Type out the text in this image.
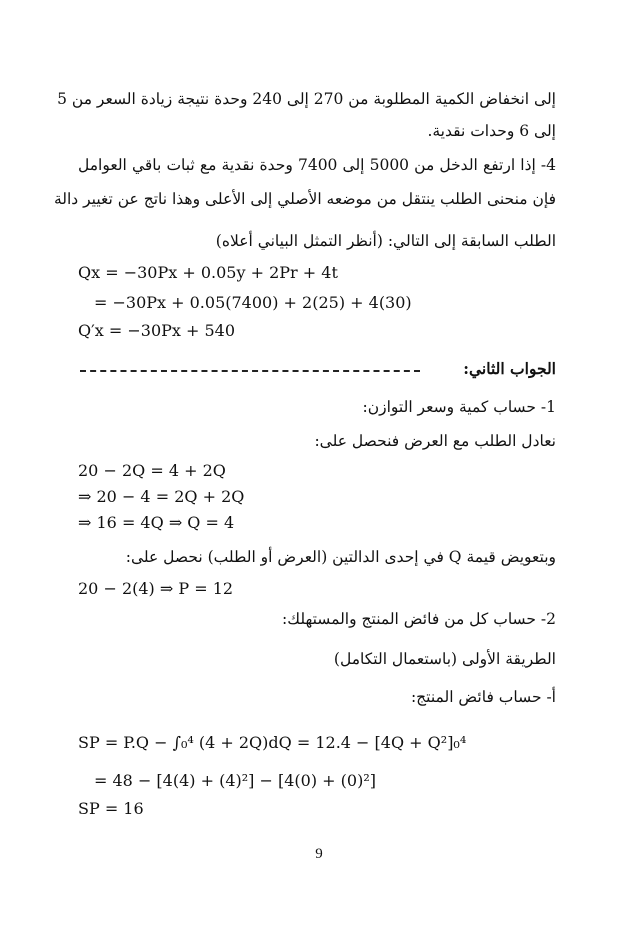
إلى انخفاض الكمية المطلوبة من 270 إلى 240 وحدة نتيجة زيادة السعر من 5
إلى 6 وحدات نقدية.
4- إذا ارتفع الدخل من 5000 إلى 7400 وحدة نقدية مع ثبات باقي العوامل
فإن منحنى الطلب ينتقل من موضعه الأصلي إلى الأعلى وهذا ناتج عن تغيير دالة
الطلب السابقة إلى التالي: (أنظر التمثل البياني أعلاه)
Qx = −30Px + 0.05y + 2Pr + 4t
= −30Px + 0.05(7400) + 2(25) + 4(30)
Q′x = −30Px + 540
الجواب الثاني:
1- حساب كمية وسعر التوازن:
نعادل الطلب مع العرض فنحصل على:
20 − 2Q = 4 + 2Q
⇒ 20 − 4 = 2Q + 2Q
⇒ 16 = 4Q ⇒ Q = 4
وبتعويض قيمة Q في إحدى الدالتين (العرض أو الطلب) نحصل على:
20 − 2(4) ⇒ P = 12
2- حساب كل من فائض المنتج والمستهلك:
الطريقة الأولى (باستعمال التكامل)
أ- حساب فائض المنتج:
SP = P.Q − ∫₀⁴ (4 + 2Q)dQ = 12.4 − [4Q + Q²]₀⁴
= 48 − [4(4) + (4)²] − [4(0) + (0)²]
SP = 16
9
